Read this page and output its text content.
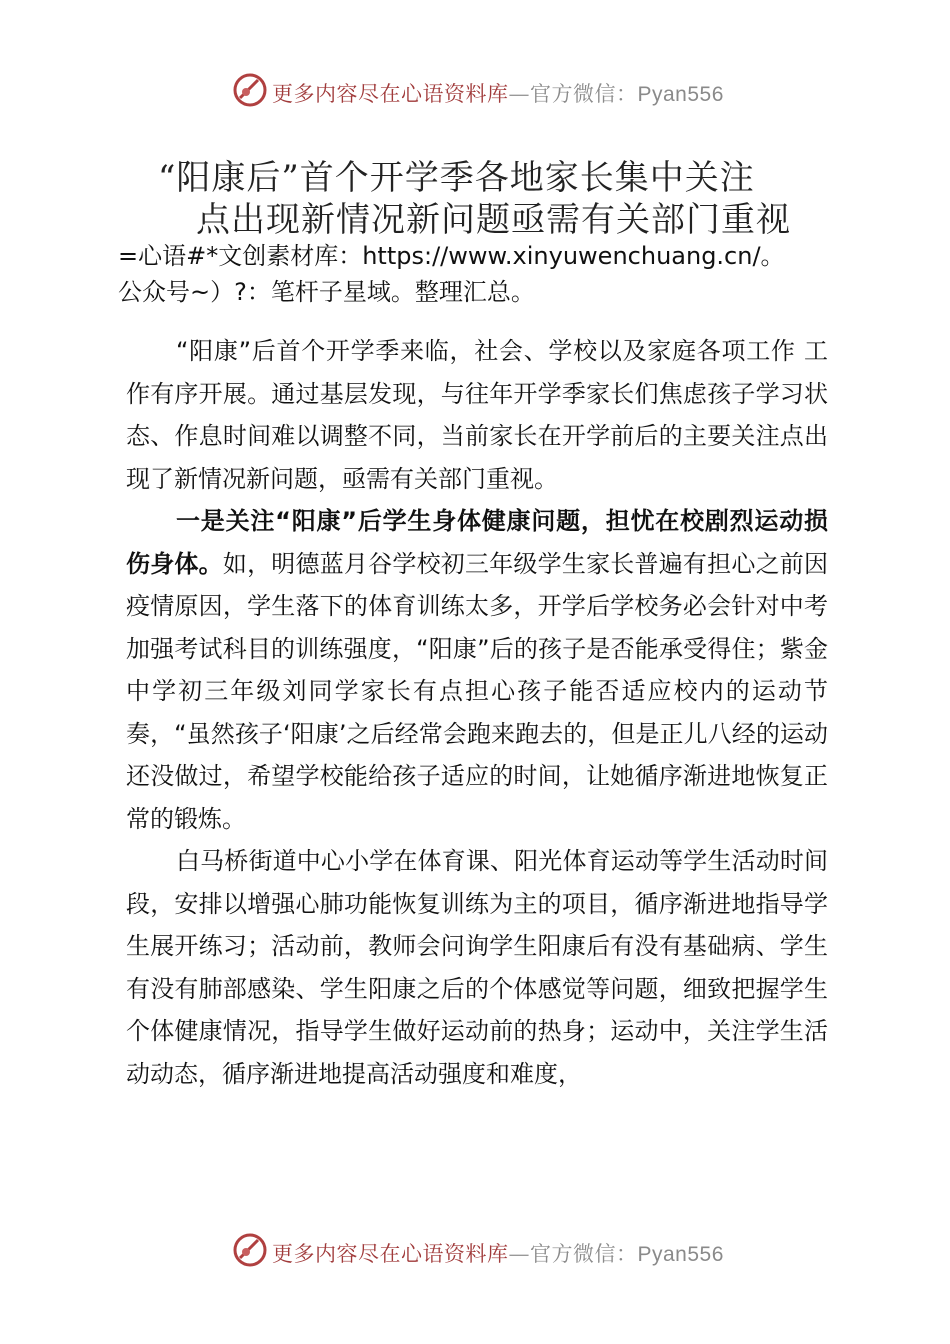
更多内容尽在心语资料库—官方微信：Pyan556
“阳康后”首个开学季各地家长集中关注
点出现新情况新问题亟需有关部门重视
=心语#*文创素材库：https://www.xinyuwenchuang.cn/。
公众号~）?：笔杆子星域。整理汇总。

“阳康”后首个开学季来临，社会、学校以及家庭各项工作 工作有序开展。通过基层发现，与往年开学季家长们焦虑孩子学习状态、作息时间难以调整不同，当前家长在开学前后的主要关注点出现了新情况新问题，亟需有关部门重视。

一是关注“阳康”后学生身体健康问题，担忧在校剧烈运动损伤身体。如，明德蓝月谷学校初三年级学生家长普遍有担心之前因疫情原因，学生落下的体育训练太多，开学后学校务必会针对中考加强考试科目的训练强度，“阳康”后的孩子是否能承受得住；紫金中学初三年级刘同学家长有点担心孩子能否适应校内的运动节奏，“虽然孩子‘阳康’之后经常会跑来跑去的，但是正儿八经的运动还没做过，希望学校能给孩子适应的时间，让她循序渐进地恢复正常的锻炼。

白马桥街道中心小学在体育课、阳光体育运动等学生活动时间段，安排以增强心肺功能恢复训练为主的项目，循序渐进地指导学生展开练习；活动前，教师会问询学生阳康后有没有基础病、学生有没有肺部感染、学生阳康之后的个体感觉等问题，细致把握学生个体健康情况，指导学生做好运动前的热身；运动中，关注学生活动动态，循序渐进地提高活动强度和难度，

更多内容尽在心语资料库—官方微信：Pyan556
